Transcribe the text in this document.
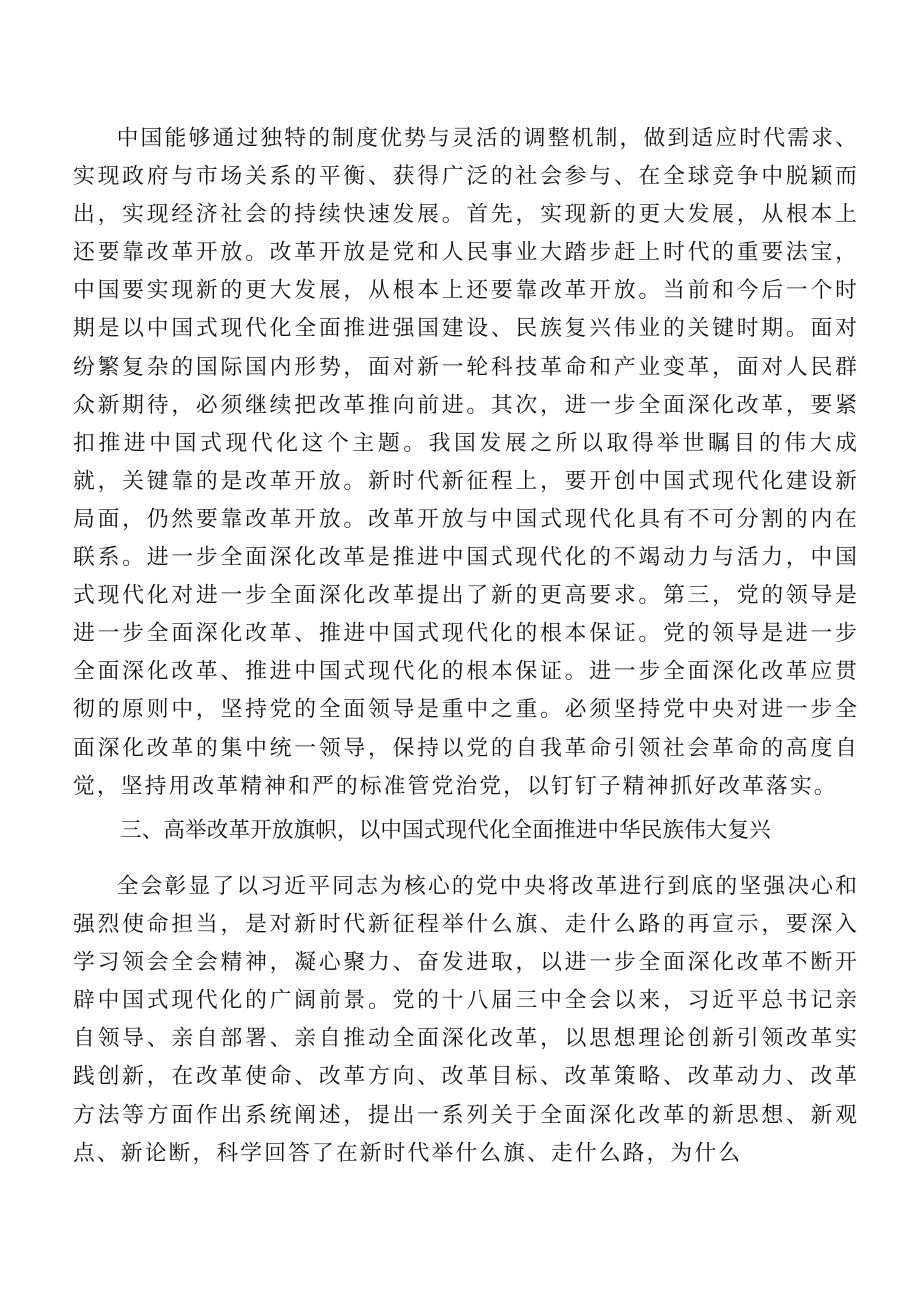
中国能够通过独特的制度优势与灵活的调整机制，做到适应时代需求、实现政府与市场关系的平衡、获得广泛的社会参与、在全球竞争中脱颖而出，实现经济社会的持续快速发展。首先，实现新的更大发展，从根本上还要靠改革开放。改革开放是党和人民事业大踏步赶上时代的重要法宝，中国要实现新的更大发展，从根本上还要靠改革开放。当前和今后一个时期是以中国式现代化全面推进强国建设、民族复兴伟业的关键时期。面对纷繁复杂的国际国内形势，面对新一轮科技革命和产业变革，面对人民群众新期待，必须继续把改革推向前进。其次，进一步全面深化改革，要紧扣推进中国式现代化这个主题。我国发展之所以取得举世瞩目的伟大成就，关键靠的是改革开放。新时代新征程上，要开创中国式现代化建设新局面，仍然要靠改革开放。改革开放与中国式现代化具有不可分割的内在联系。进一步全面深化改革是推进中国式现代化的不竭动力与活力，中国式现代化对进一步全面深化改革提出了新的更高要求。第三，党的领导是进一步全面深化改革、推进中国式现代化的根本保证。党的领导是进一步全面深化改革、推进中国式现代化的根本保证。进一步全面深化改革应贯彻的原则中，坚持党的全面领导是重中之重。必须坚持党中央对进一步全面深化改革的集中统一领导，保持以党的自我革命引领社会革命的高度自觉，坚持用改革精神和严的标准管党治党，以钉钉子精神抓好改革落实。

三、高举改革开放旗帜，以中国式现代化全面推进中华民族伟大复兴

全会彰显了以习近平同志为核心的党中央将改革进行到底的坚强决心和强烈使命担当，是对新时代新征程举什么旗、走什么路的再宣示，要深入学习领会全会精神，凝心聚力、奋发进取，以进一步全面深化改革不断开辟中国式现代化的广阔前景。党的十八届三中全会以来，习近平总书记亲自领导、亲自部署、亲自推动全面深化改革，以思想理论创新引领改革实践创新，在改革使命、改革方向、改革目标、改革策略、改革动力、改革方法等方面作出系统阐述，提出一系列关于全面深化改革的新思想、新观点、新论断，科学回答了在新时代举什么旗、走什么路，为什么
